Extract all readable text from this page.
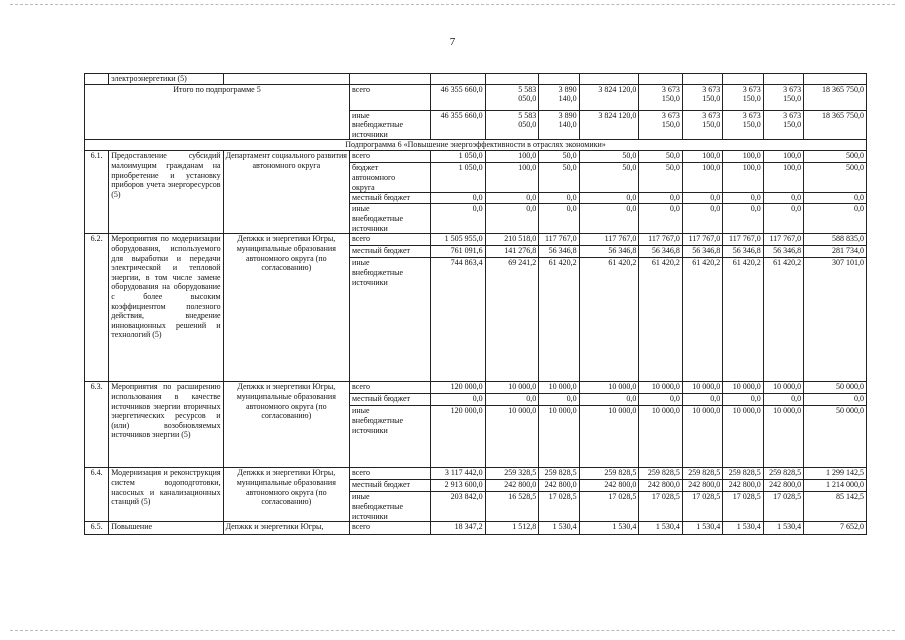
7
	электроэнергетики (5)											
Итого по подпрограмме 5			всего	46 355 660,0	5 583
050,0	3 890
140,0	3 824 120,0	3 673
150,0	3 673
150,0	3 673
150,0	3 673
150,0	18 365 750,0
			иные
внебюджетные
источники	46 355 660,0	5 583
050,0	3 890
140,0	3 824 120,0	3 673
150,0	3 673
150,0	3 673
150,0	3 673
150,0	18 365 750,0
Подпрограмма 6 «Повышение энергоэффективности в отраслях экономики»												
6.1.	Предоставление субсидий малоимущим гражданам на приобретение и установку приборов учета энергоресурсов (5)	Департамент социального развития автономного округа	всего	1 050,0	100,0	50,0	50,0	50,0	100,0	100,0	100,0	500,0
			бюджет
автономного
округа	1 050,0	100,0	50,0	50,0	50,0	100,0	100,0	100,0	500,0
			местный бюджет	0,0	0,0	0,0	0,0	0,0	0,0	0,0	0,0	0,0
			иные
внебюджетные
источники	0,0	0,0	0,0	0,0	0,0	0,0	0,0	0,0	0,0
6.2.	Мероприятия по модернизации оборудования, используемого для выработки и передачи электрической и тепловой энергии, в том числе замене оборудования на оборудование с более высоким коэффициентом полезного действия, внедрение инновационных решений и технологий (5)	Депжкк и энергетики Югры, муниципальные образования автономного округа (по согласованию)	всего	1 505 955,0	210 518,0	117 767,0	117 767,0	117 767,0	117 767,0	117 767,0	117 767,0	588 835,0
			местный бюджет	761 091,6	141 276,8	56 346,8	56 346,8	56 346,8	56 346,8	56 346,8	56 346,8	281 734,0
			иные
внебюджетные
источники	744 863,4	69 241,2	61 420,2	61 420,2	61 420,2	61 420,2	61 420,2	61 420,2	307 101,0
6.3.	Мероприятия по расширению использования в качестве источников энергии вторичных энергетических ресурсов и (или) возобновляемых источников энергии (5)	Депжкк и энергетики Югры, муниципальные образования автономного округа (по согласованию)	всего	120 000,0	10 000,0	10 000,0	10 000,0	10 000,0	10 000,0	10 000,0	10 000,0	50 000,0
			местный бюджет	0,0	0,0	0,0	0,0	0,0	0,0	0,0	0,0	0,0
			иные
внебюджетные
источники	120 000,0	10 000,0	10 000,0	10 000,0	10 000,0	10 000,0	10 000,0	10 000,0	50 000,0
6.4.	Модернизация и реконструкция систем водоподготовки, насосных и канализационных станций (5)	Депжкк и энергетики Югры, муниципальные образования автономного округа (по согласованию)	всего	3 117 442,0	259 328,5	259 828,5	259 828,5	259 828,5	259 828,5	259 828,5	259 828,5	1 299 142,5
			местный бюджет	2 913 600,0	242 800,0	242 800,0	242 800,0	242 800,0	242 800,0	242 800,0	242 800,0	1 214 000,0
			иные
внебюджетные
источники	203 842,0	16 528,5	17 028,5	17 028,5	17 028,5	17 028,5	17 028,5	17 028,5	85 142,5
6.5.	Повышение	Депжкк и энергетики Югры,	всего	18 347,2	1 512,8	1 530,4	1 530,4	1 530,4	1 530,4	1 530,4	1 530,4	7 652,0
